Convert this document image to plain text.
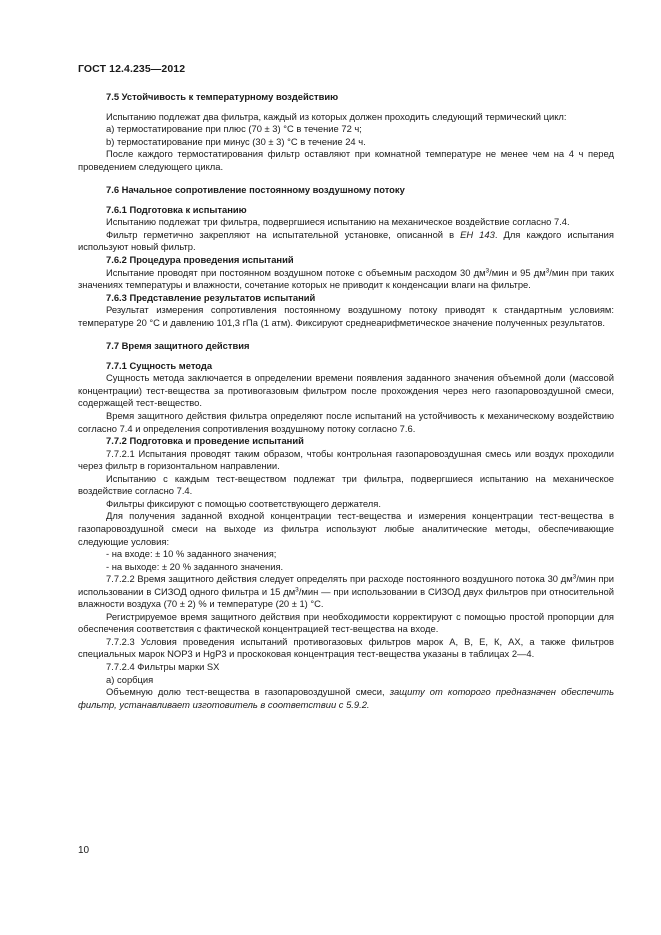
ГОСТ 12.4.235—2012

7.5 Устойчивость к температурному воздействию

Испытанию подлежат два фильтра, каждый из которых должен проходить следующий термический цикл:

a) термостатирование при плюс (70 ± 3) °С в течение 72 ч;

b) термостатирование при минус (30 ± 3) °С в течение 24 ч.

После каждого термостатирования фильтр оставляют при комнатной температуре не менее чем на 4 ч перед проведением следующего цикла.

7.6 Начальное сопротивление постоянному воздушному потоку

7.6.1 Подготовка к испытанию

Испытанию подлежат три фильтра, подвергшиеся испытанию на механическое воздействие согласно 7.4.

Фильтр герметично закрепляют на испытательной установке, описанной в ЕН 143. Для каждого испытания используют новый фильтр.

7.6.2 Процедура проведения испытаний

Испытание проводят при постоянном воздушном потоке с объемным расходом 30 $дм^3$/мин и 95 $дм^3$/мин при таких значениях температуры и влажности, сочетание которых не приводит к конденсации влаги на фильтре.

7.6.3 Представление результатов испытаний

Результат измерения сопротивления постоянному воздушному потоку приводят к стандартным условиям: температуре 20 °С и давлению 101,3 гПа (1 атм). Фиксируют среднеарифметическое значение полученных результатов.

7.7 Время защитного действия

7.7.1 Сущность метода

Сущность метода заключается в определении времени появления заданного значения объемной доли (массовой концентрации) тест-вещества за противогазовым фильтром после прохождения через него газопаровоздушной смеси, содержащей тест-вещество.

Время защитного действия фильтра определяют после испытаний на устойчивость к механическому воздействию согласно 7.4 и определения сопротивления воздушному потоку согласно 7.6.

7.7.2 Подготовка и проведение испытаний

7.7.2.1 Испытания проводят таким образом, чтобы контрольная газопаровоздушная смесь или воздух проходили через фильтр в горизонтальном направлении.

Испытанию с каждым тест-веществом подлежат три фильтра, подвергшиеся испытанию на механическое воздействие согласно 7.4.

Фильтры фиксируют с помощью соответствующего держателя.

Для получения заданной входной концентрации тест-вещества и измерения концентрации тест-вещества в газопаровоздушной смеси на выходе из фильтра используют любые аналитические методы, обеспечивающие следующие условия:

- на входе: ± 10 % заданного значения;

- на выходе: ± 20 % заданного значения.

7.7.2.2 Время защитного действия следует определять при расходе постоянного воздушного потока 30 $дм^3$/мин при использовании в СИЗОД одного фильтра и 15 $дм^3$/мин — при использовании в СИЗОД двух фильтров при относительной влажности воздуха (70 ± 2) % и температуре (20 ± 1) °С.

Регистрируемое время защитного действия при необходимости корректируют с помощью простой пропорции для обеспечения соответствия с фактической концентрацией тест-вещества на входе.

7.7.2.3 Условия проведения испытаний противогазовых фильтров марок А, В, Е, К, АХ, а также фильтров специальных марок NOP3 и HgP3 и проскоковая концентрация тест-вещества указаны в таблицах 2—4.

7.7.2.4 Фильтры марки SX

а) сорбция

Объемную долю тест-вещества в газопаровоздушной смеси, защиту от которого предназначен обеспечить фильтр, устанавливает изготовитель в соответствии с 5.9.2.

10
